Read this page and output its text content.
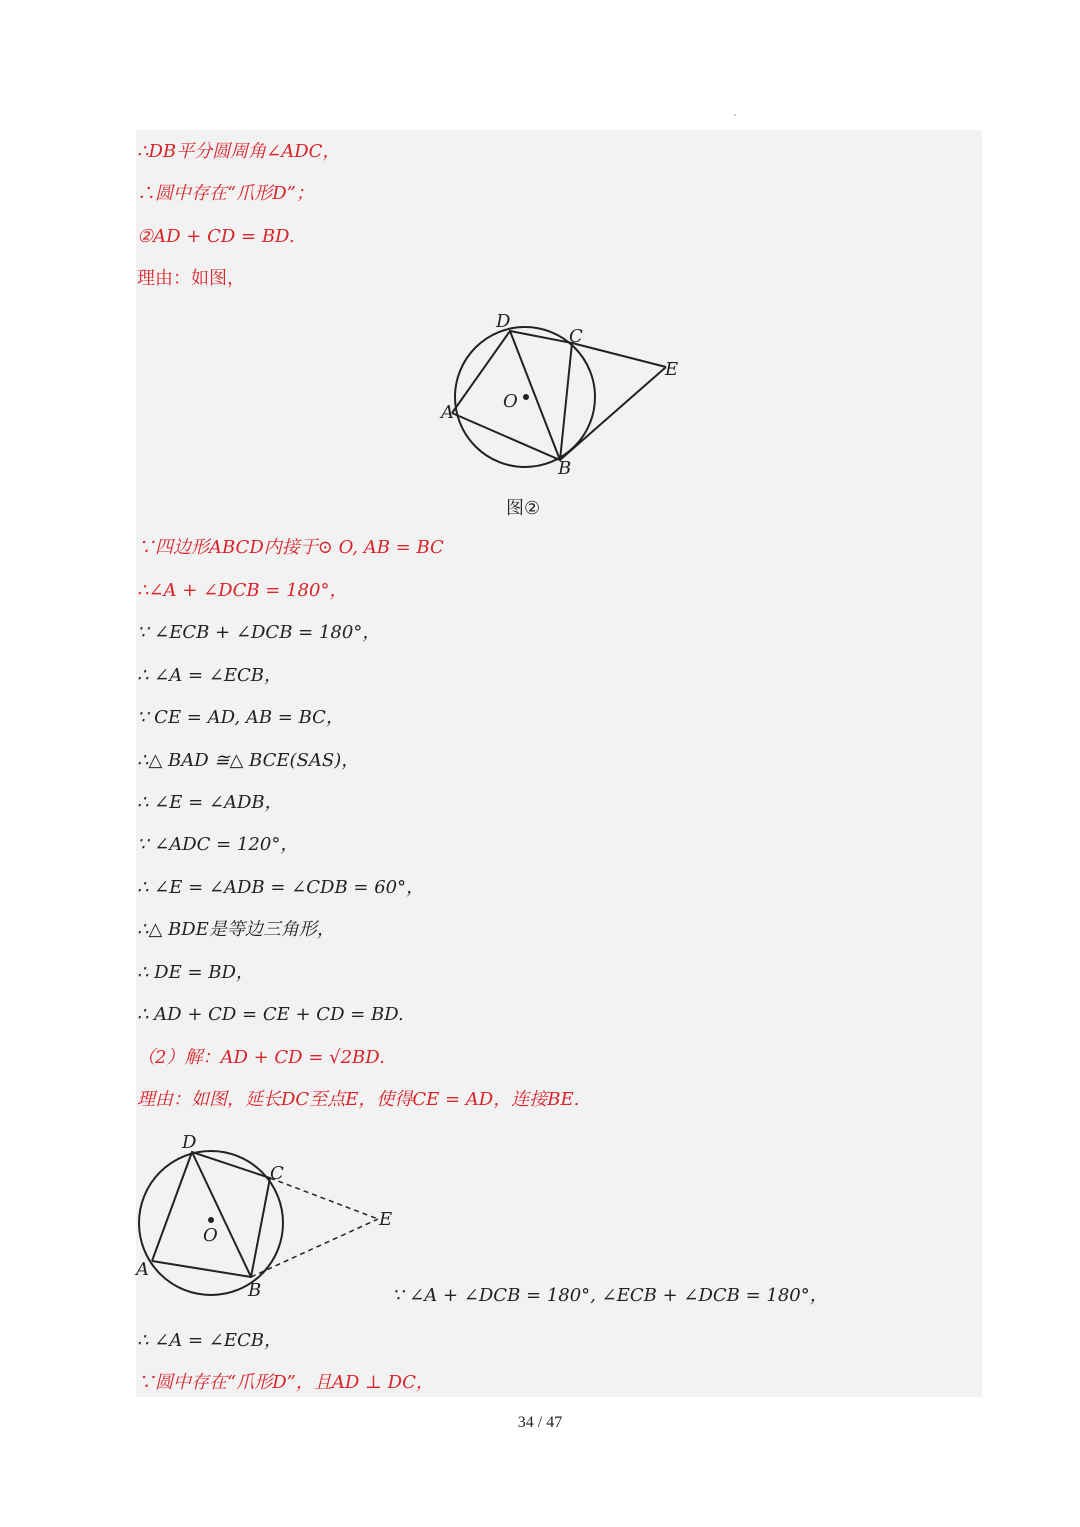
∴DB平分圆周角∠ADC，
∴圆中存在“爪形D”；
②AD + CD = BD.
理由：如图，
D
C
E
O
A
B
图②
∵四边形ABCD内接于⊙ O, AB = BC
∴∠A + ∠DCB = 180°，
∵ ∠ECB + ∠DCB = 180°，
∴ ∠A = ∠ECB，
∵ CE = AD, AB = BC，
∴△ BAD ≅△ BCE(SAS)，
∴ ∠E = ∠ADB，
∵ ∠ADC = 120°，
∴ ∠E = ∠ADB = ∠CDB = 60°，
∴△ BDE是等边三角形，
∴ DE = BD，
∴ AD + CD = CE + CD = BD.
（2）解：AD + CD = √2BD.
理由：如图，延长DC至点E，使得CE = AD，连接BE.
D
C
E
O
A
B	∵ ∠A + ∠DCB = 180°, ∠ECB + ∠DCB = 180°，
∴ ∠A = ∠ECB，
∵圆中存在“爪形D”，且AD ⊥ DC，
34 / 47
